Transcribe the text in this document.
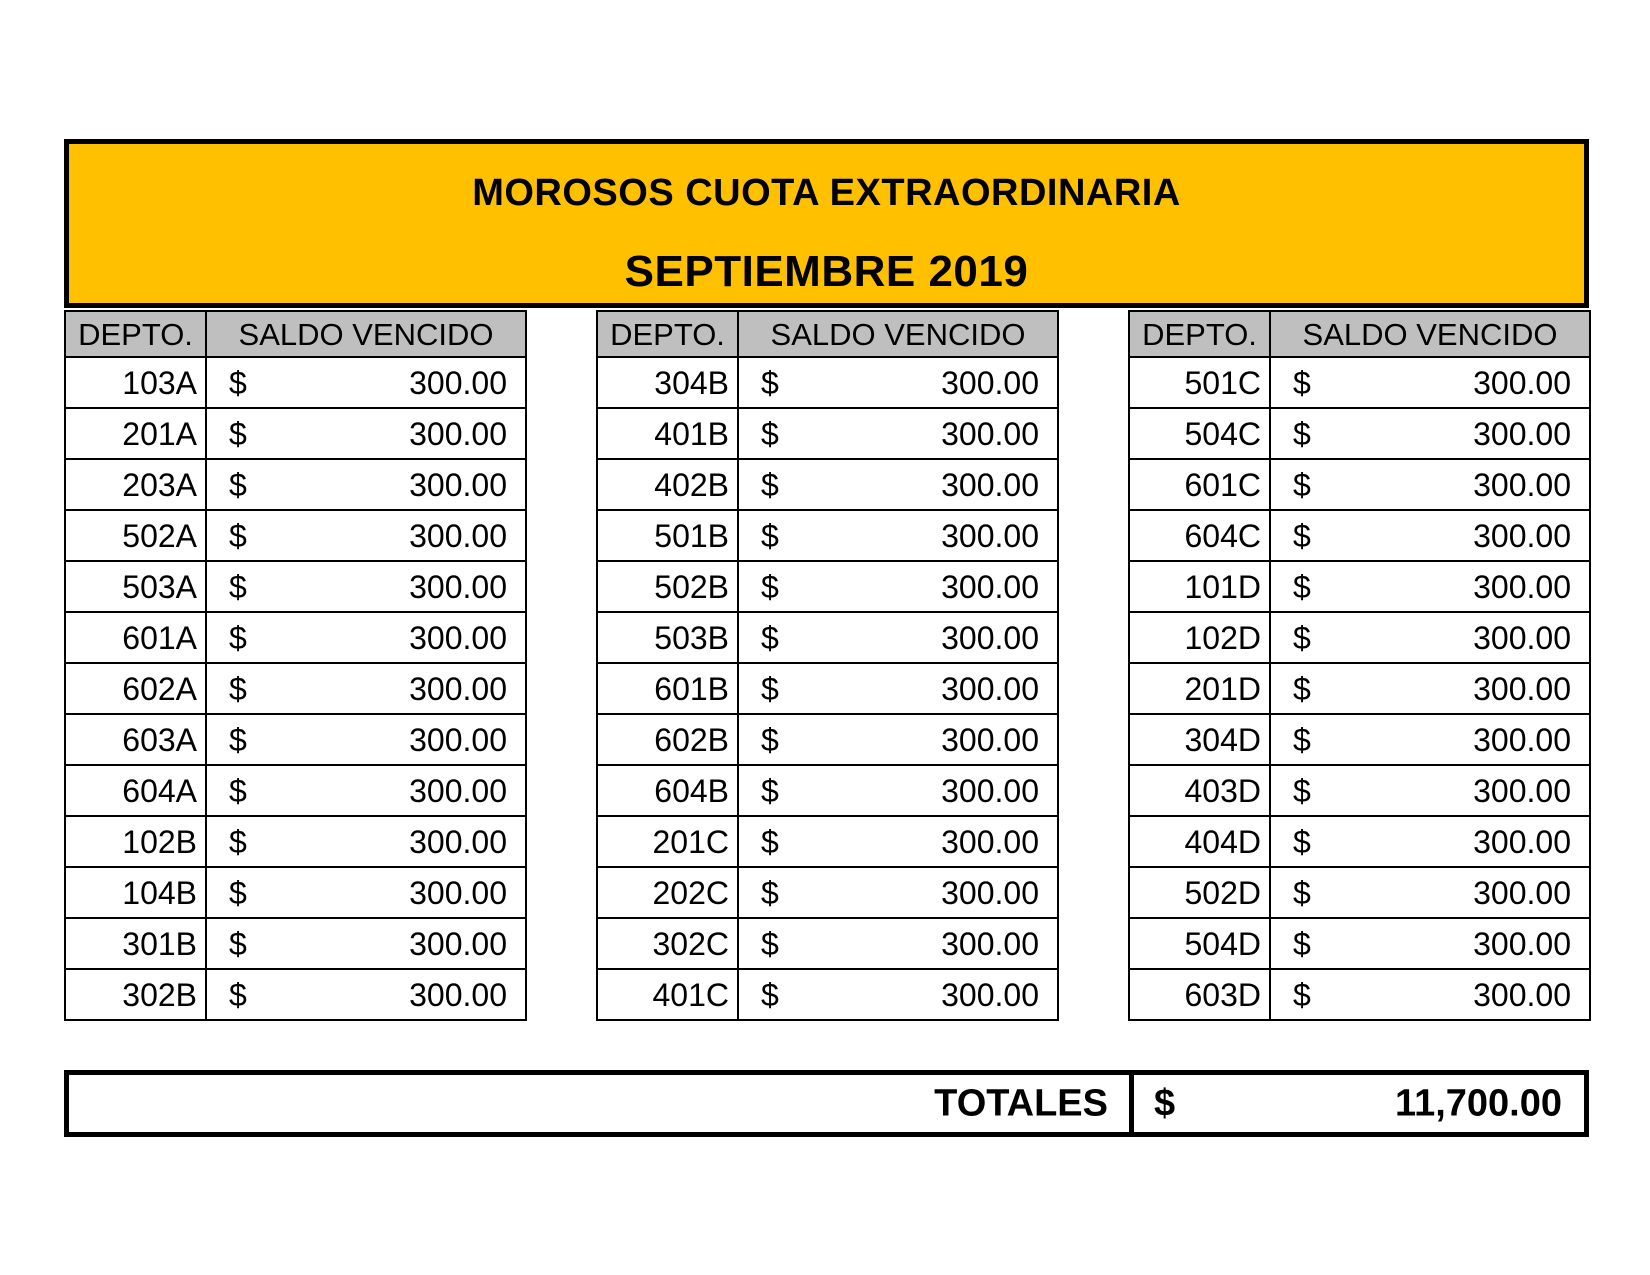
MOROSOS CUOTA EXTRAORDINARIA
SEPTIEMBRE 2019
DEPTO.	SALDO VENCIDO
103A	$ 300.00

201A	$ 300.00

203A	$ 300.00

502A	$ 300.00

503A	$ 300.00

601A	$ 300.00

602A	$ 300.00

603A	$ 300.00

604A	$ 300.00

102B	$ 300.00

104B	$ 300.00

301B	$ 300.00

302B	$ 300.00
DEPTO.	SALDO VENCIDO
304B	$ 300.00

401B	$ 300.00

402B	$ 300.00

501B	$ 300.00

502B	$ 300.00

503B	$ 300.00

601B	$ 300.00

602B	$ 300.00

604B	$ 300.00

201C	$ 300.00

202C	$ 300.00

302C	$ 300.00

401C	$ 300.00
DEPTO.	SALDO VENCIDO
501C	$ 300.00

504C	$ 300.00

601C	$ 300.00

604C	$ 300.00

101D	$ 300.00

102D	$ 300.00

201D	$ 300.00

304D	$ 300.00

403D	$ 300.00

404D	$ 300.00

502D	$ 300.00

504D	$ 300.00

603D	$ 300.00
TOTALES $	11,700.00
